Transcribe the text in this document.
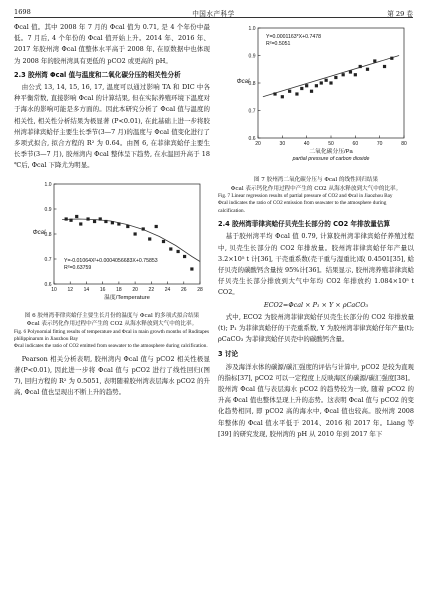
1698	中国水产科学	第 29 卷

Φcal 值。其中 2008 年 7 月的 Φcal 值为 0.71, 是 4 个年份中最低。7 月后, 4 个年份的 Φcal 值开始上升。2014 年、2016 年、2017 年胶州湾 Φcal 值整体水平高于 2008 年, 在原数据中也体现为 2008 年的胶州湾具有更低的 pCO2 或更高的 pH。

2.3 胶州湾 Φcal 值与温度和二氧化碳分压的相关性分析

由公式 13, 14, 15, 16, 17, 温度可以通过影响 TA 和 DIC 中各种平衡常数, 直接影响 Φcal 的计算结果, 但在实际养殖环境下温度对于海水的影响可能是多方面的。因此本研究分析了 Φcal 值与温度的相关性, 相关性分析结果为极显著 (P<0.01), 在此基础上进一步将胶州湾菲律宾蛤仔主要生长季节(3—7 月)的温度与 Φcal 值变化进行了多项式拟合, 拟合方程的 R² 为 0.64。由图 6, 在菲律宾蛤仔主要生长季节(3—7 月), 胶州湾内 Φcal 整体呈下趋势, 在水温回升高于 18 ℃后, Φcal 下降尤为明显。

10 12 14 16 18 20 22 24 26 28
0.6
0.7
0.8
0.9
1.0
Φcal
温度/Temperature
Y=-0.01064X²+0.0004056683X+0.75853
R²=0.63759
图 6 胶州湾菲律宾蛤仔主要生长月份的温度与 Φcal 的多项式拟合结果
Φcal 表示钙化作用过程中产生的 CO2 从海水释放到大气中的比率。
Fig. 6 Polynomial fitting results of temperature and Φcal in main growth months of Ruditapes philippinarum in Jiaozhou Bay
Φcal indicates the ratio of CO2 emitted from seawater to the atmosphere during calcification.

Pearson 相关分析表明, 胶州湾内 Φcal 值与 pCO2 相关性极显著(P<0.01), 因此进一步将 Φcal 值与 pCO2 进行了线性回归(图 7), 回归方程的 R² 为 0.5051, 表明随着胶州湾表层海水 pCO2 的升高, Φcal 值也呈现出不断上升的趋势。

20	30	40	50	60	70	80
0.6
0.7
0.8
0.9
1.0
Φcal
二氧化碳分压/Pa
partial pressure of carbon dioxide
Y=0.0001163*X+0.7478
R²=0.5051
图 7 胶州湾二氧化碳分压与 Φcal 的线性回归结果
Φcal 表示钙化作用过程中产生的 CO2 从海水释放到大气中的比率。
Fig. 7 Linear regression results of partial pressure of CO2 and Φcal in Jiaozhou Bay
Φcal indicates the ratio of CO2 emission from seawater to the atmosphere during calcification.
2.4 胶州湾菲律宾蛤仔贝壳生长部分的 CO2 年排放量估算

基于胶州湾平均 Φcal 值 0.79, 计算胶州湾菲律宾蛤仔养殖过程中, 贝壳生长部分的 CO2 年排放量。胶州湾菲律宾蛤仔年产量以 3.2×10⁵ t 计[36], 干壳重系数(壳干重与湿重比)取 0.4501[35], 蛤仔贝壳的碳酸钙含量按 95%计[36]。结果显示, 胶州湾养殖菲律宾蛤仔贝壳生长部分排放到大气中年均 CO2 年排放约 1.084×10⁵ t CO2。

ECO2=Φcal × P₁ × Y × ρCaCO₃

式中, ECO2 为胶州湾菲律宾蛤仔贝壳生长部分的 CO2 年排放量(t); P₁ 为菲律宾蛤仔的干壳重系数, Y 为胶州湾菲律宾蛤仔年产量(t); ρCaCO₃ 为菲律宾蛤仔贝壳中的碳酸钙含量。

3 讨论

涉及海洋水体的碳源/碳汇强度的评估与计算中, pCO2 是较为直观的指标[37], pCO2 可以一定程度上反映海区的碳源/碳汇强度[38]。胶州湾 Φcal 值与表层海水 pCO2 的趋势较为一致, 随着 pCO2 的升高 Φcal 值也整体呈现上升的态势。这表明 Φcal 值与 pCO2 的变化趋势相同, 即 pCO2 高的海水中, Φcal 值也较高。胶州湾 2008 年整体的 Φcal 值水平低于 2014、2016 和 2017 年。Liang 等[39] 的研究发现, 胶州湾的 pH 从 2010 年到 2017 年下
